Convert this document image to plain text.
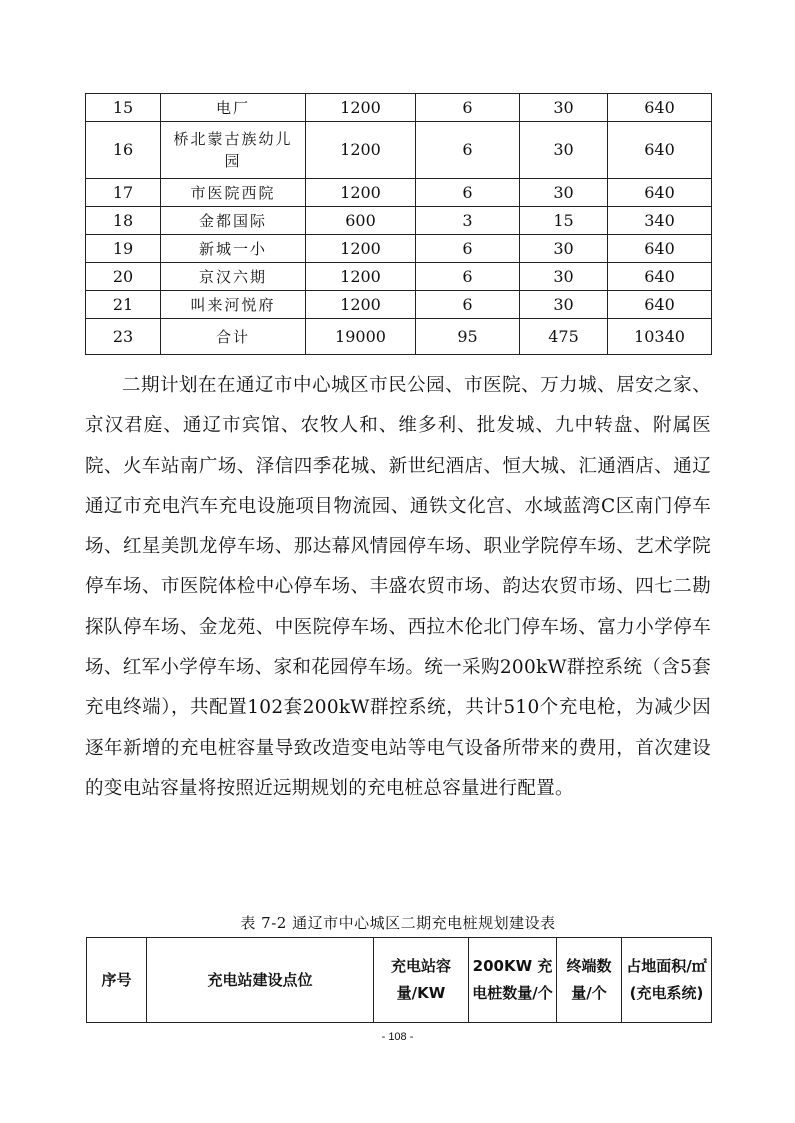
15	电厂	1200	6	30	640
16	桥北蒙古族幼儿园	1200	6	30	640
17	市医院西院	1200	6	30	640
18	金都国际	600	3	15	340
19	新城一小	1200	6	30	640
20	京汉六期	1200	6	30	640
21	叫来河悦府	1200	6	30	640
23	合计	19000	95	475	10340

二期计划在在通辽市中心城区市民公园、市医院、万力城、居安之家、京汉君庭、通辽市宾馆、农牧人和、维多利、批发城、九中转盘、附属医院、火车站南广场、泽信四季花城、新世纪酒店、恒大城、汇通酒店、通辽通辽市充电汽车充电设施项目物流园、通铁文化宫、水域蓝湾C区南门停车场、红星美凯龙停车场、那达幕风情园停车场、职业学院停车场、艺术学院停车场、市医院体检中心停车场、丰盛农贸市场、韵达农贸市场、四七二勘探队停车场、金龙苑、中医院停车场、西拉木伦北门停车场、富力小学停车场、红军小学停车场、家和花园停车场。统一采购200kW群控系统（含5套充电终端），共配置102套200kW群控系统，共计510个充电枪，为减少因逐年新增的充电桩容量导致改造变电站等电气设备所带来的费用，首次建设的变电站容量将按照近远期规划的充电桩总容量进行配置。

表 7-2 通辽市中心城区二期充电桩规划建设表
序号	充电站建设点位	充电站容量/KW	200KW 充电桩数量/个	终端数量/个	占地面积/㎡(充电系统)
- 108 -
